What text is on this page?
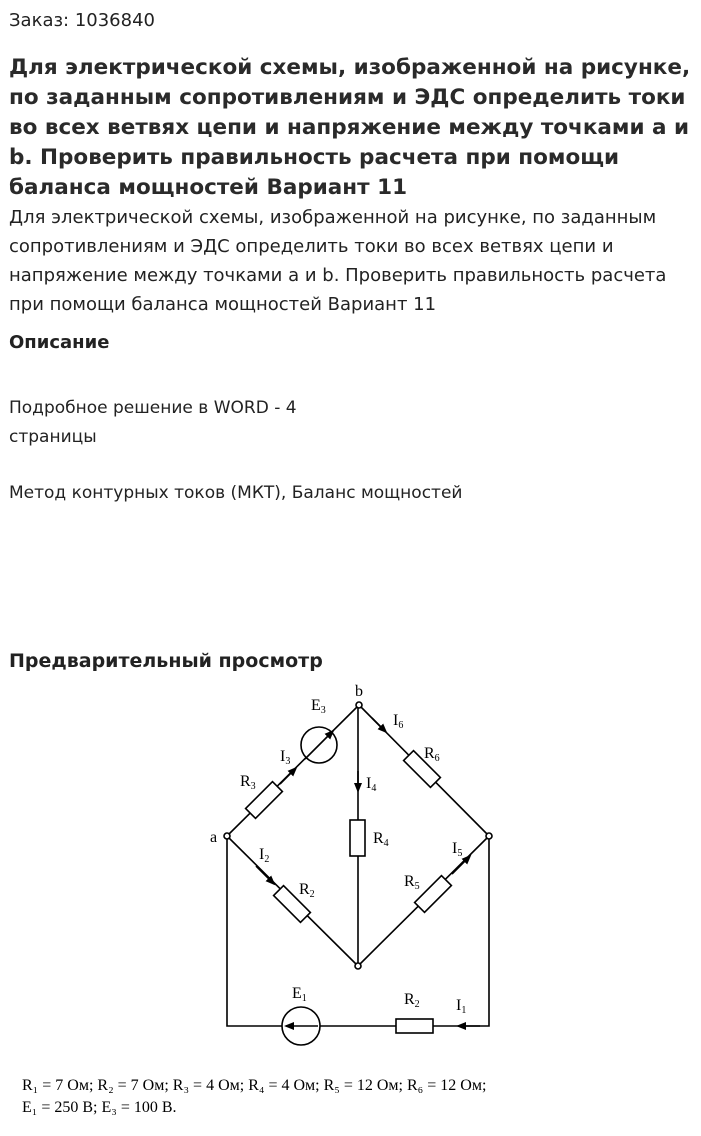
Заказ: 1036840
Для электрической схемы, изображенной на рисунке, по заданным сопротивлениям и ЭДС определить токи во всех ветвях цепи и напряжение между точками a и b. Проверить правильность расчета при помощи баланса мощностей Вариант 11

Для электрической схемы, изображенной на рисунке, по заданным сопротивлениям и ЭДС определить токи во всех ветвях цепи и напряжение между точками a и b. Проверить правильность расчета при помощи баланса мощностей Вариант 11

Описание
Подробное решение в WORD - 4
страницы
Метод контурных токов (МКТ), Баланс мощностей
Предварительный просмотр
a
b
E3
I3
R3
I6
R6
I4
R4
I2
R2
I5
R5
E1	R2 I1
R₁ = 7 Ом; R₂ = 7 Ом; R₃ = 4 Ом; R₄ = 4 Ом; R₅ = 12 Ом; R₆ = 12 Ом;
E₁ = 250 В; E₃ = 100 В.
